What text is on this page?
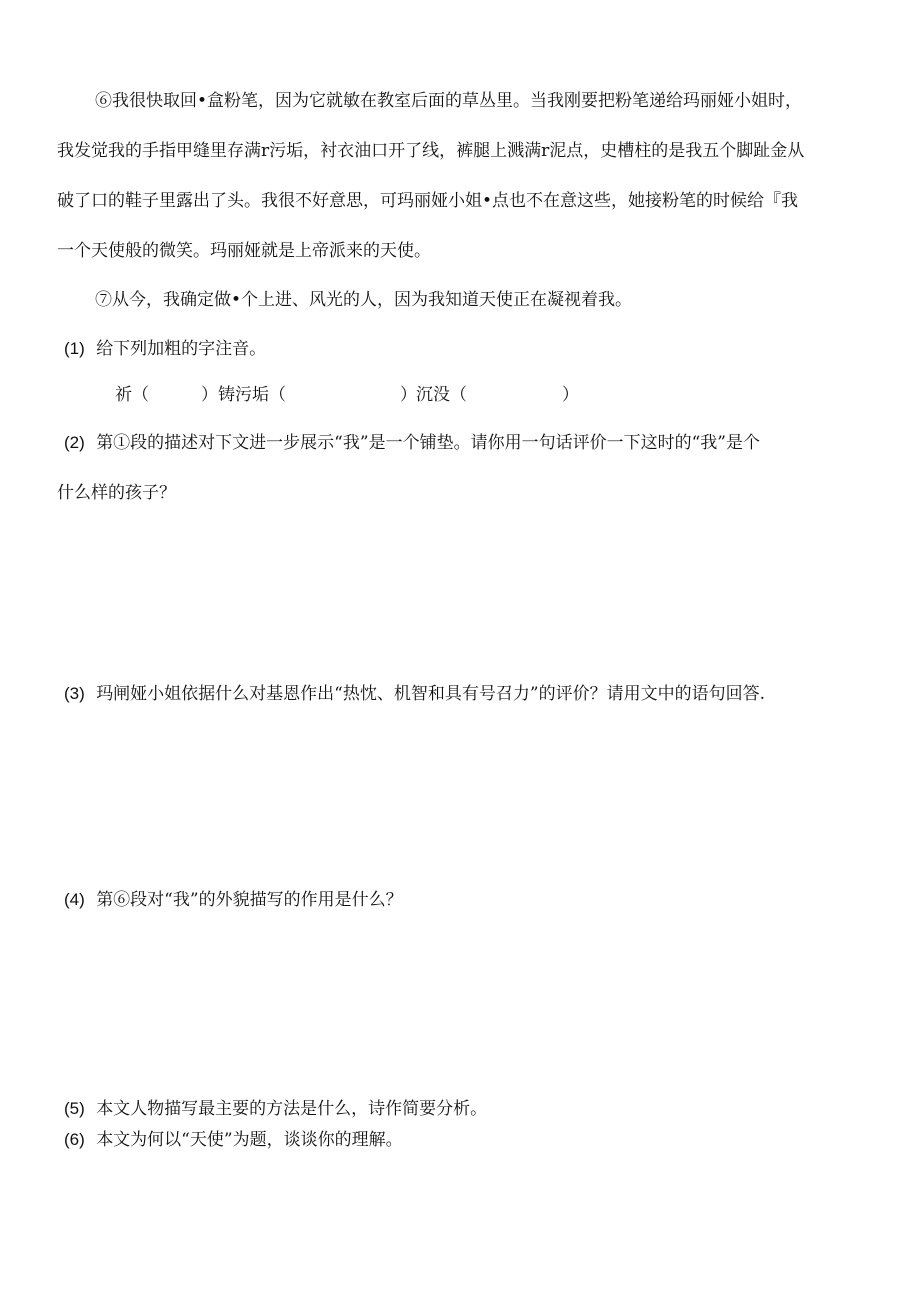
⑥我很快取回•盒粉笔，因为它就敏在教室后面的草丛里。当我刚要把粉笔递给玛丽娅小姐时，
我发觉我的手指甲缝里存满r污垢，衬衣油口开了线，裤腿上溅满r泥点，史槽柱的是我五个脚趾金从
破了口的鞋子里露出了头。我很不好意思，可玛丽娅小姐•点也不在意这些，她接粉笔的时候给『我
一个天使般的微笑。玛丽娅就是上帝派来的天使。
⑦从今，我确定做•个上进、风光的人，因为我知道天使正在凝视着我。
(1) 给下列加粗的字注音。
祈（	） 铸污垢（	） 沉没（	）
(2) 第①段的描述对下文进一步展示“我”是一个铺垫。请你用一句话评价一下这时的“我”是个
什么样的孩子？
(3) 玛闸娅小姐依据什么对基恩作出“热忱、机智和具有号召力”的评价？请用文中的语句回答.
(4) 第⑥段对“我”的外貌描写的作用是什么？
(5) 本文人物描写最主要的方法是什么，诗作简要分析。
(6) 本文为何以“天使”为题，谈谈你的理解。
